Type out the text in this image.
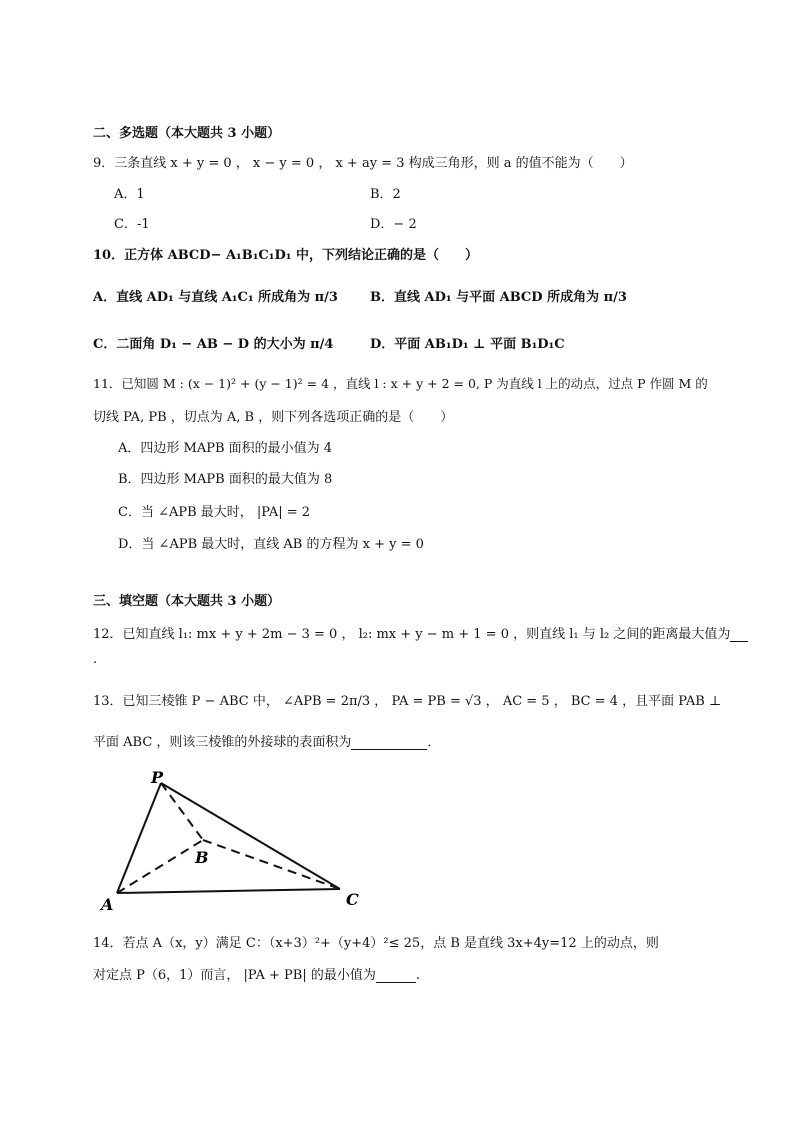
二、多选题（本大题共 3 小题）
9．三条直线 x + y = 0 ， x − y = 0 ， x + ay = 3 构成三角形，则 a 的值不能为（　　）
A．1	B．2
C．-1	D．− 2
10．正方体 ABCD− A₁B₁C₁D₁ 中，下列结论正确的是（　　）
A．直线 AD₁ 与直线 A₁C₁ 所成角为 π/3 B．直线 AD₁ 与平面 ABCD 所成角为 π/3
C．二面角 D₁ − AB − D 的大小为 π/4	D．平面 AB₁D₁ ⊥ 平面 B₁D₁C
11．已知圆 M : (x − 1)² + (y − 1)² = 4 ，直线 l : x + y + 2 = 0, P 为直线 l 上的动点，过点 P 作圆 M 的
切线 PA, PB ，切点为 A, B ，则下列各选项正确的是（　　）
A．四边形 MAPB 面积的最小值为 4
B．四边形 MAPB 面积的最大值为 8
C．当 ∠APB 最大时， |PA| = 2
D．当 ∠APB 最大时，直线 AB 的方程为 x + y = 0
三、填空题（本大题共 3 小题）
12．已知直线 l₁: mx + y + 2m − 3 = 0 ， l₂: mx + y − m + 1 = 0 ，则直线 l₁ 与 l₂ 之间的距离最大值为
.
13．已知三棱锥 P − ABC 中， ∠APB = 2π/3 ， PA = PB = √3 ， AC = 5 ， BC = 4 ，且平面 PAB ⊥
平面 ABC ，则该三棱锥的外接球的表面积为	．
P
B
A	C
14．若点 A（x，y）满足 C：（x+3）²+（y+4）²≤ 25，点 B 是直线 3x+4y=12 上的动点，则
对定点 P（6，1）而言， |PA + PB| 的最小值为	.
